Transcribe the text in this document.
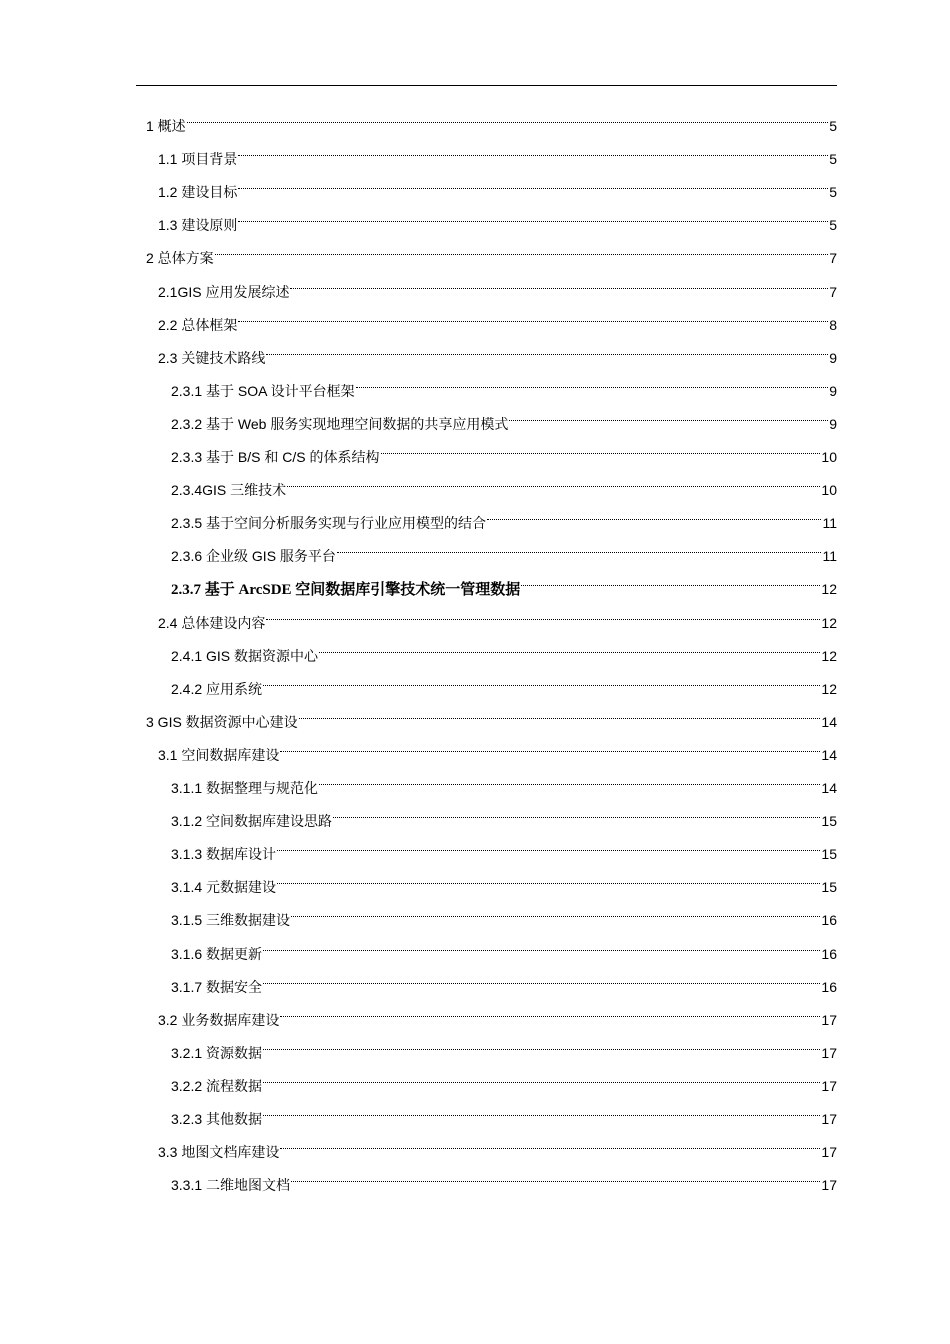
1 概述	5
1.1 项目背景	5
1.2 建设目标	5
1.3 建设原则	5
2 总体方案	7
2.1GIS 应用发展综述	7
2.2 总体框架	8
2.3 关键技术路线	9
2.3.1 基于 SOA 设计平台框架	9
2.3.2 基于 Web 服务实现地理空间数据的共享应用模式	9
2.3.3 基于 B/S 和 C/S 的体系结构	10
2.3.4GIS 三维技术	10
2.3.5 基于空间分析服务实现与行业应用模型的结合	11
2.3.6 企业级 GIS 服务平台	11
2.3.7 基于 ArcSDE 空间数据库引擎技术统一管理数据	12
2.4 总体建设内容	12
2.4.1 GIS 数据资源中心	12
2.4.2 应用系统	12
3 GIS 数据资源中心建设	14
3.1 空间数据库建设	14
3.1.1 数据整理与规范化	14
3.1.2 空间数据库建设思路	15
3.1.3 数据库设计	15
3.1.4 元数据建设	15
3.1.5 三维数据建设	16
3.1.6 数据更新	16
3.1.7 数据安全	16
3.2 业务数据库建设	17
3.2.1 资源数据	17
3.2.2 流程数据	17
3.2.3 其他数据	17
3.3 地图文档库建设	17
3.3.1 二维地图文档	17
